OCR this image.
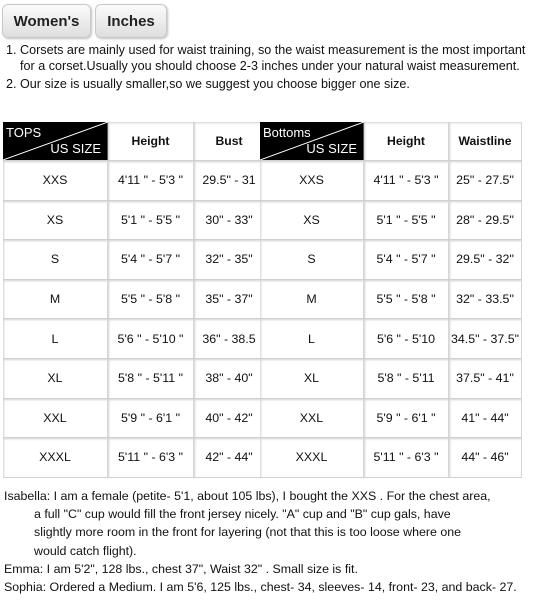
Women's	Inches
1. Corsets are mainly used for waist training, so the waist measurement is the most important for a corset.Usually you should choose 2-3 inches under your natural waist measurement.
2. Our size is usually smaller,so we suggest you choose bigger one size.
TOPS
US SIZE	Height	Bust
XXS	4'11 " - 5'3 "	29.5" - 31
XS	5'1 " - 5'5 "	30" - 33"
S	5'4 " - 5'7 "	32" - 35"
M	5'5 " - 5'8 "	35" - 37"
L	5'6 " - 5'10 "	36" - 38.5
XL	5'8 " - 5'11 "	38" - 40"
XXL	5'9 " - 6'1 "	40" - 42"
XXXL	5'11 " - 6'3 "	42" - 44"
Bottoms
US SIZE	Height	Waistline
XXS	4'11 " - 5'3 "	25" - 27.5"
XS	5'1 " - 5'5 "	28" - 29.5"
S	5'4 " - 5'7 "	29.5" - 32"
M	5'5 " - 5'8 "	32" - 33.5"
L	5'6 " - 5'10	34.5" - 37.5"
XL	5'8 " - 5'11	37.5" - 41"
XXL	5'9 " - 6'1 "	41" - 44"
XXXL	5'11 " - 6'3 "	44" - 46"
Isabella: I am a female (petite- 5'1, about 105 lbs), I bought the XXS . For the chest area,
a full "C" cup would fill the front jersey nicely. "A" cup and "B" cup gals, have
slightly more room in the front for layering (not that this is too loose where one
would catch flight).
Emma: I am 5'2", 128 lbs., chest 37", Waist 32" . Small size is fit.
Sophia: Ordered a Medium. I am 5'6, 125 lbs., chest- 34, sleeves- 14, front- 23, and back- 27.
